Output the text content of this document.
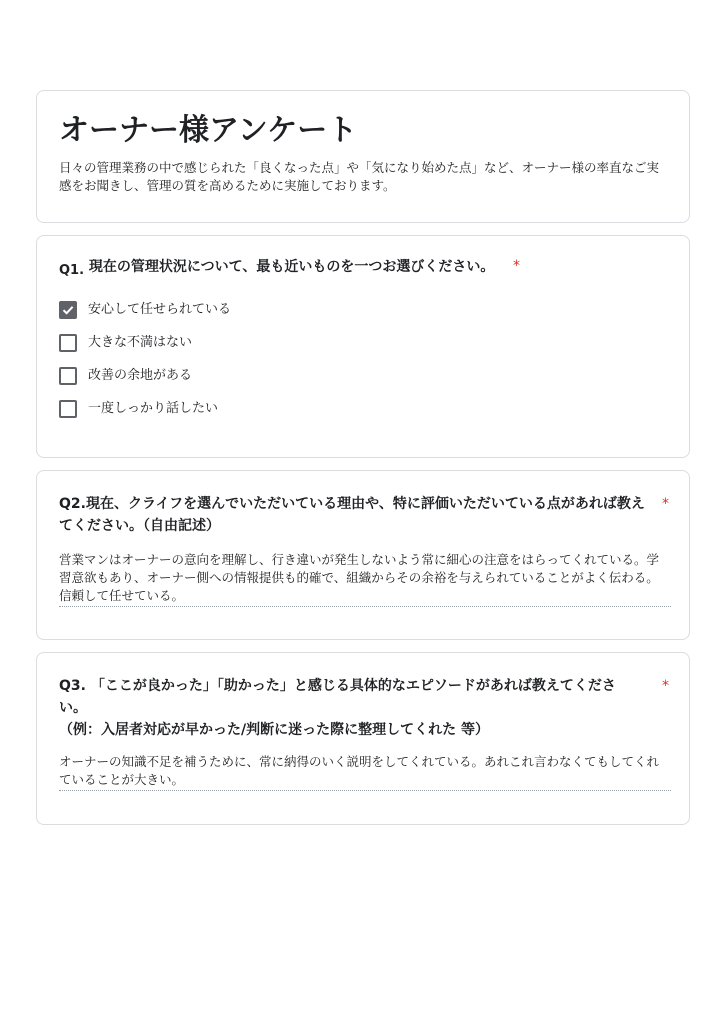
オーナー様アンケート

日々の管理業務の中で感じられた「良くなった点」や「気になり始めた点」など、オーナー様の率直なご実感をお聞きし、管理の質を高めるために実施しております。

Q1. 現在の管理状況について、最も近いものを一つお選びください。	*
安心して任せられている
大きな不満はない
改善の余地がある
一度しっかり話したい
Q2.現在、クライフを選んでいただいている理由や、特に評価いただいている点があれば教えてください。（自由記述）
*
営業マンはオーナーの意向を理解し、行き違いが発生しないよう常に細心の注意をはらってくれている。学習意欲もあり、オーナー側への情報提供も的確で、組織からその余裕を与えられていることがよく伝わる。信頼して任せている。
Q3. 「ここが良かった」「助かった」と感じる具体的なエピソードがあれば教えてください。
（例：入居者対応が早かった/判断に迷った際に整理してくれた 等）
*
オーナーの知識不足を補うために、常に納得のいく説明をしてくれている。あれこれ言わなくてもしてくれていることが大きい。
